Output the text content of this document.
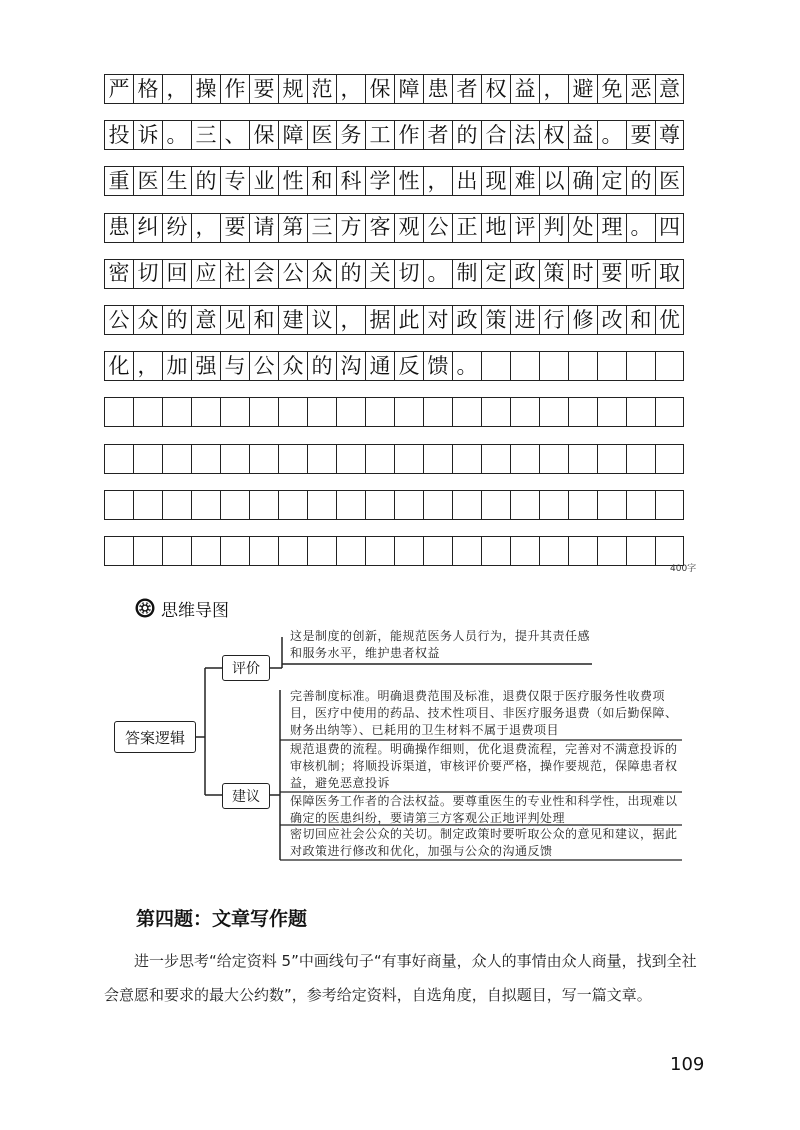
严 格 ， 操 作 要 规 范 ， 保 障 患 者 权 益 ， 避 免 恶 意
投 诉 。 三 、 保 障 医 务 工 作 者 的 合 法 权 益 。 要 尊
重 医 生 的 专 业 性 和 科 学 性 ， 出 现 难 以 确 定 的 医
患 纠 纷 ， 要 请 第 三 方 客 观 公 正 地 评 判 处 理 。 四
密 切 回 应 社 会 公 众 的 关 切 。 制 定 政 策 时 要 听 取
公 众 的 意 见 和 建 议 ， 据 此 对 政 策 进 行 修 改 和 优
化 ， 加 强 与 公 众 的 沟 通 反 馈 。
400字
思维导图
答案逻辑
评价
建议
这是制度的创新，能规范医务人员行为，提升其责任感和服务水平，维护患者权益
完善制度标准。明确退费范围及标准，退费仅限于医疗服务性收费项目，医疗中使用的药品、技术性项目、非医疗服务退费（如后勤保障、财务出纳等）、已耗用的卫生材料不属于退费项目
规范退费的流程。明确操作细则，优化退费流程，完善对不满意投诉的审核机制；将顺投诉渠道，审核评价要严格，操作要规范，保障患者权益，避免恶意投诉
保障医务工作者的合法权益。要尊重医生的专业性和科学性，出现难以确定的医患纠纷，要请第三方客观公正地评判处理
密切回应社会公众的关切。制定政策时要听取公众的意见和建议，据此对政策进行修改和优化，加强与公众的沟通反馈
第四题：文章写作题
进一步思考“给定资料 5”中画线句子“有事好商量，众人的事情由众人商量，找到全社会意愿和要求的最大公约数”，参考给定资料，自选角度，自拟题目，写一篇文章。
109
